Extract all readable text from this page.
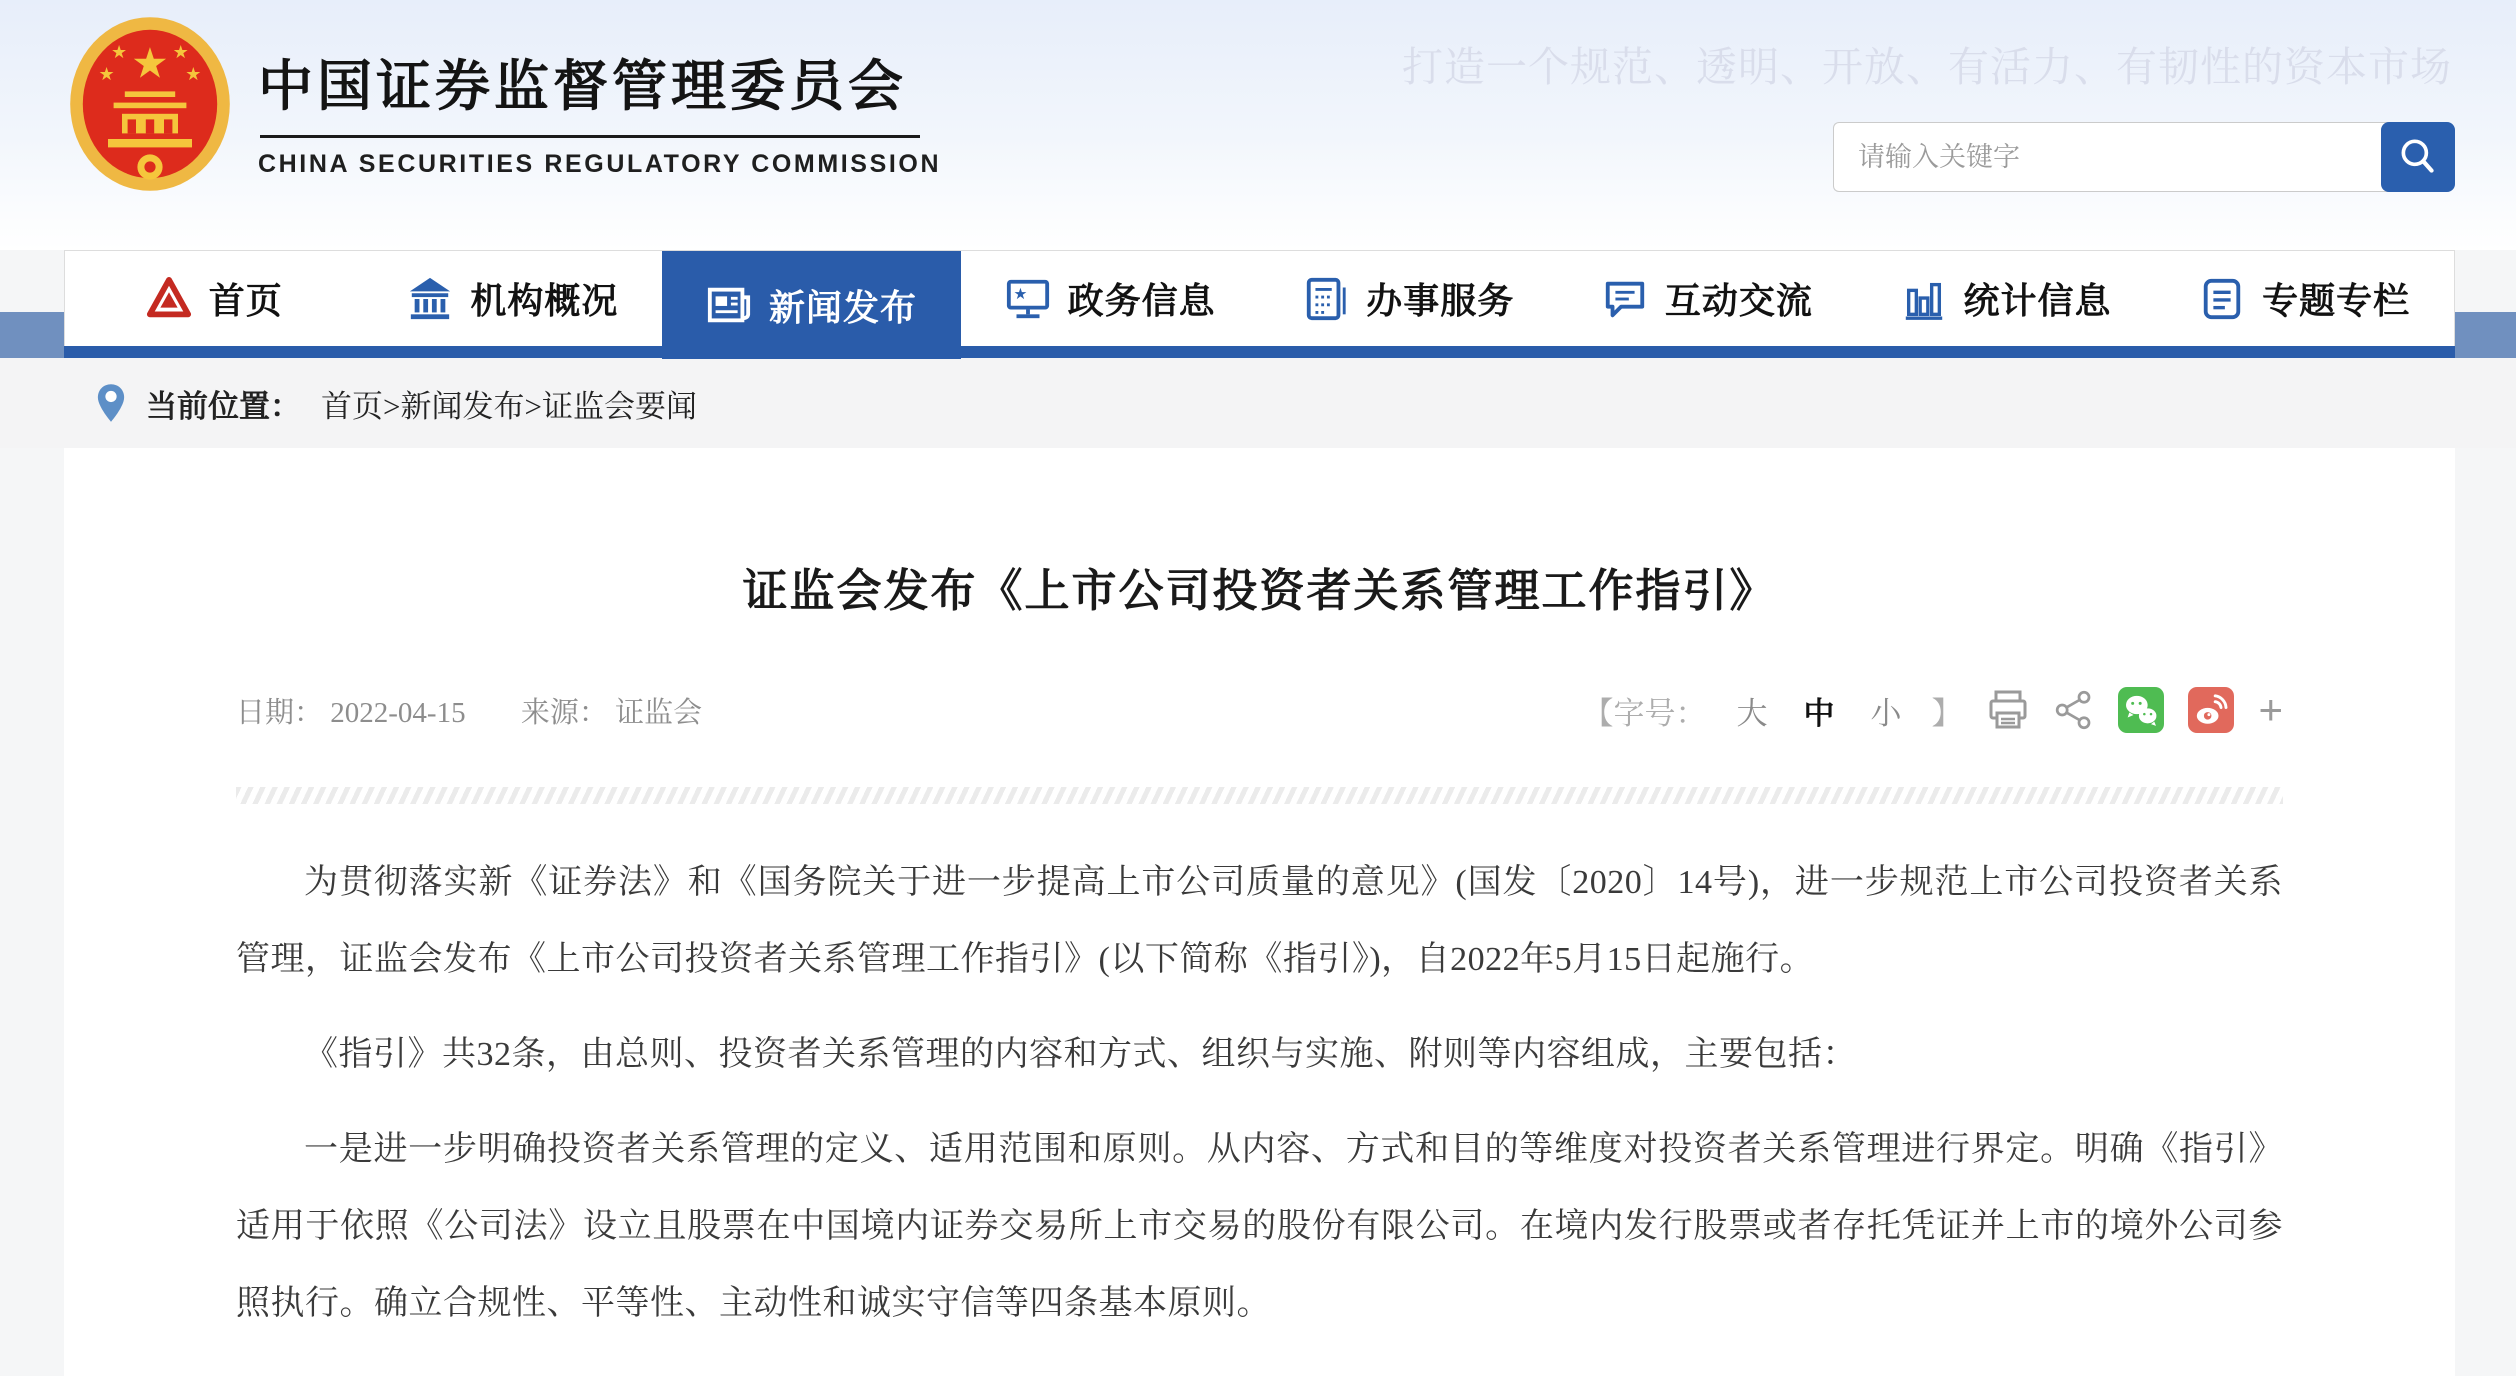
★
★	★
★	★ 中国证券监督管理委员会
CHINA SECURITIES REGULATORY COMMISSION
打造一个规范、透明、开放、有活力、有韧性的资本市场
请输入关键字
首页	机构概况	新闻发布	★ 政务信息	办事服务	互动交流	统计信息	专题专栏
当前位置： 首页>新闻发布>证监会要闻
证监会发布《上市公司投资者关系管理工作指引》
日期： 2022-04-15 来源： 证监会	【字号： 大 中 小 】	+

为贯彻落实新《证券法》和《国务院关于进一步提高上市公司质量的意见》(国发〔2020〕14号)，进一步规范上市公司投资者关系管理，证监会发布《上市公司投资者关系管理工作指引》(以下简称《指引》)，自2022年5月15日起施行。

《指引》共32条，由总则、投资者关系管理的内容和方式、组织与实施、附则等内容组成，主要包括：

一是进一步明确投资者关系管理的定义、适用范围和原则。从内容、方式和目的等维度对投资者关系管理进行界定。明确《指引》适用于依照《公司法》设立且股票在中国境内证券交易所上市交易的股份有限公司。在境内发行股票或者存托凭证并上市的境外公司参照执行。确立合规性、平等性、主动性和诚实守信等四条基本原则。
